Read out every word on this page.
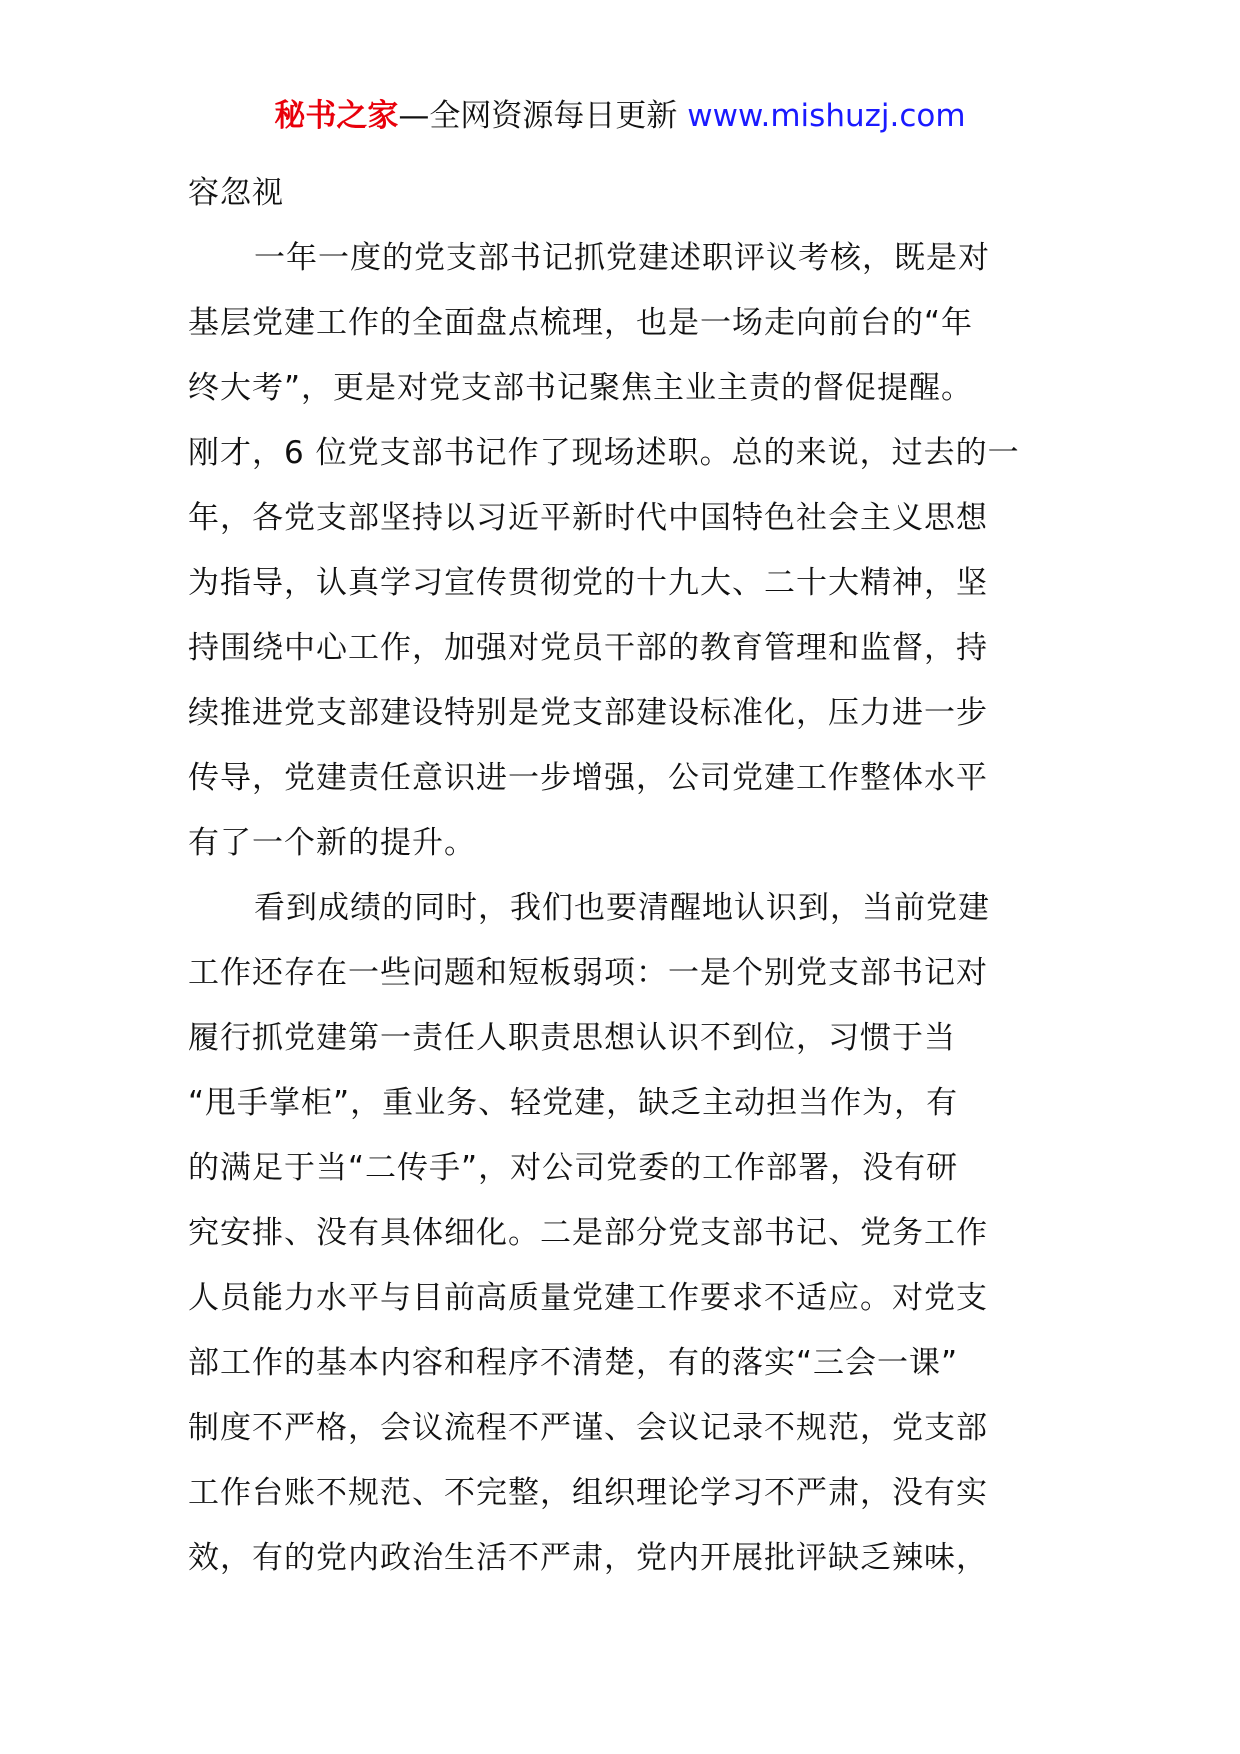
秘书之家—全网资源每日更新 www.mishuzj.com
容忽视
一年一度的党支部书记抓党建述职评议考核，既是对
基层党建工作的全面盘点梳理，也是一场走向前台的“年
终大考”，更是对党支部书记聚焦主业主责的督促提醒。
刚才，6 位党支部书记作了现场述职。总的来说，过去的一
年，各党支部坚持以习近平新时代中国特色社会主义思想
为指导，认真学习宣传贯彻党的十九大、二十大精神，坚
持围绕中心工作，加强对党员干部的教育管理和监督，持
续推进党支部建设特别是党支部建设标准化，压力进一步
传导，党建责任意识进一步增强，公司党建工作整体水平
有了一个新的提升。
看到成绩的同时，我们也要清醒地认识到，当前党建
工作还存在一些问题和短板弱项：一是个别党支部书记对
履行抓党建第一责任人职责思想认识不到位，习惯于当
“甩手掌柜”，重业务、轻党建，缺乏主动担当作为，有
的满足于当“二传手”，对公司党委的工作部署，没有研
究安排、没有具体细化。二是部分党支部书记、党务工作
人员能力水平与目前高质量党建工作要求不适应。对党支
部工作的基本内容和程序不清楚，有的落实“三会一课”
制度不严格，会议流程不严谨、会议记录不规范，党支部
工作台账不规范、不完整，组织理论学习不严肃，没有实
效，有的党内政治生活不严肃，党内开展批评缺乏辣味，
